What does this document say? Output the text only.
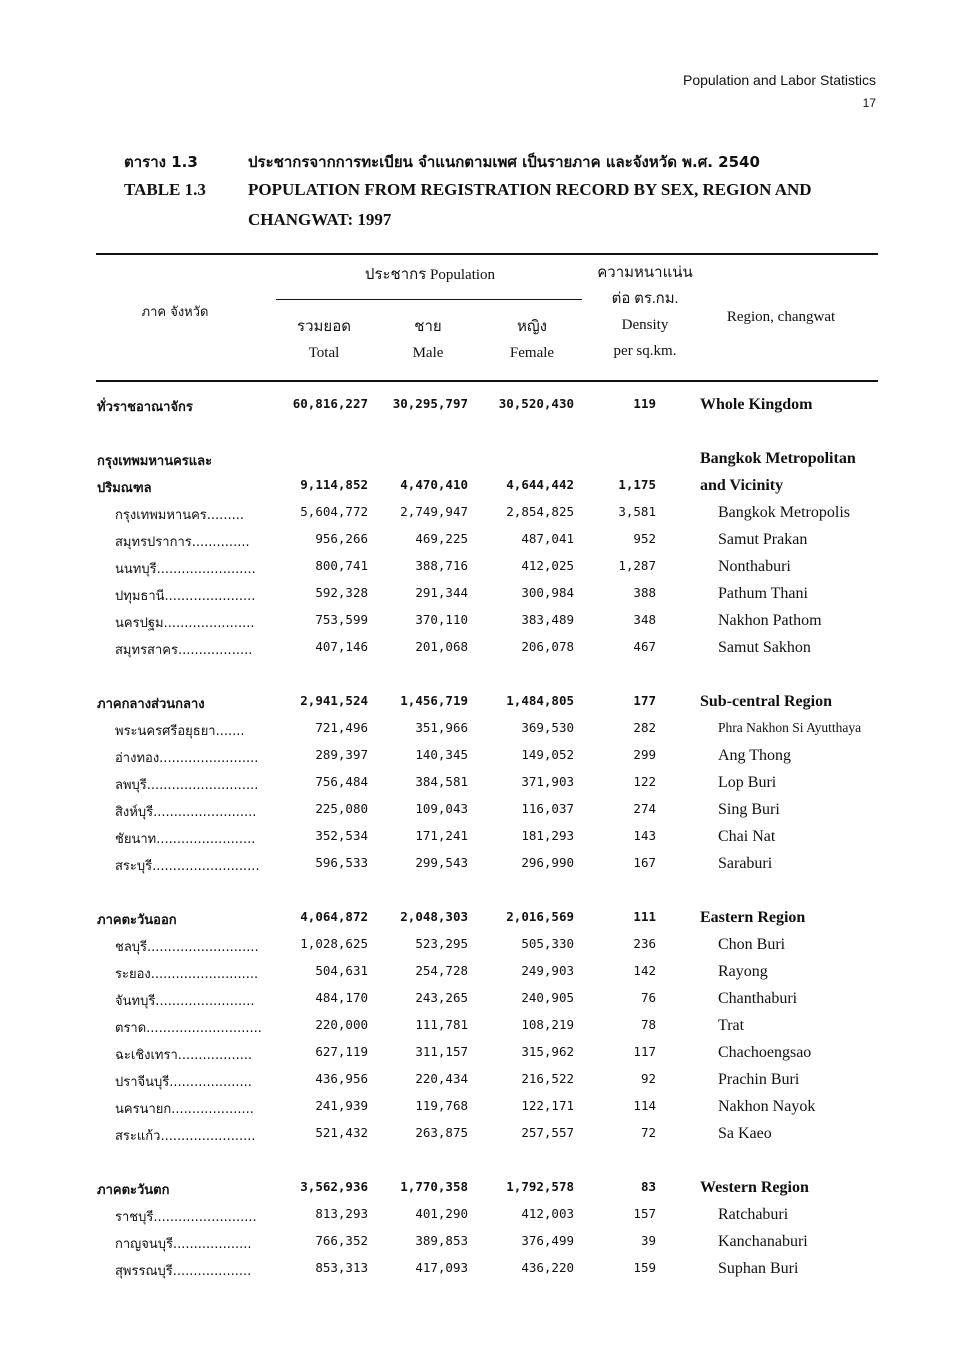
Population and Labor Statistics
17
ตาราง 1.3	ประชากรจากการทะเบียน จำแนกตามเพศ เป็นรายภาค และจังหวัด พ.ศ. 2540
TABLE 1.3 POPULATION FROM REGISTRATION RECORD BY SEX, REGION AND
CHANGWAT: 1997
ภาค จังหวัด
ประชากร Population
รวมยอด
Total
ชาย
Male
หญิง
Female
ความหนาแน่น
ต่อ ตร.กม.
Density
per sq.km.
Region, changwat
ทั่วราชอาณาจักร	60,816,227 30,295,797 30,520,430	119	Whole Kingdom
กรุงเทพมหานครและ	Bangkok Metropolitan
ปริมณฑล	9,114,852	4,470,410	4,644,442	1,175	and Vicinity
กรุงเทพมหานคร.........	5,604,772	2,749,947	2,854,825	3,581	Bangkok Metropolis
สมุทรปราการ..............	956,266	469,225	487,041	952	Samut Prakan
นนทบุรี........................	800,741	388,716	412,025	1,287	Nonthaburi
ปทุมธานี......................	592,328	291,344	300,984	388	Pathum Thani
นครปฐม......................	753,599	370,110	383,489	348	Nakhon Pathom
สมุทรสาคร..................	407,146	201,068	206,078	467	Samut Sakhon
ภาคกลางส่วนกลาง	2,941,524	1,456,719	1,484,805	177	Sub-central Region
พระนครศรีอยุธยา.......	721,496	351,966	369,530	282	Phra Nakhon Si Ayutthaya
อ่างทอง........................	289,397	140,345	149,052	299	Ang Thong
ลพบุรี...........................	756,484	384,581	371,903	122	Lop Buri
สิงห์บุรี.........................	225,080	109,043	116,037	274	Sing Buri
ชัยนาท........................	352,534	171,241	181,293	143	Chai Nat
สระบุรี..........................	596,533	299,543	296,990	167	Saraburi
ภาคตะวันออก	4,064,872	2,048,303	2,016,569	111	Eastern Region
ชลบุรี...........................	1,028,625	523,295	505,330	236	Chon Buri
ระยอง..........................	504,631	254,728	249,903	142	Rayong
จันทบุรี........................	484,170	243,265	240,905	76	Chanthaburi
ตราด............................	220,000	111,781	108,219	78	Trat
ฉะเชิงเทรา..................	627,119	311,157	315,962	117	Chachoengsao
ปราจีนบุรี....................	436,956	220,434	216,522	92	Prachin Buri
นครนายก....................	241,939	119,768	122,171	114	Nakhon Nayok
สระแก้ว.......................	521,432	263,875	257,557	72	Sa Kaeo
ภาคตะวันตก	3,562,936	1,770,358	1,792,578	83	Western Region
ราชบุรี.........................	813,293	401,290	412,003	157	Ratchaburi
กาญจนบุรี...................	766,352	389,853	376,499	39	Kanchanaburi
สุพรรณบุรี...................	853,313	417,093	436,220	159	Suphan Buri
